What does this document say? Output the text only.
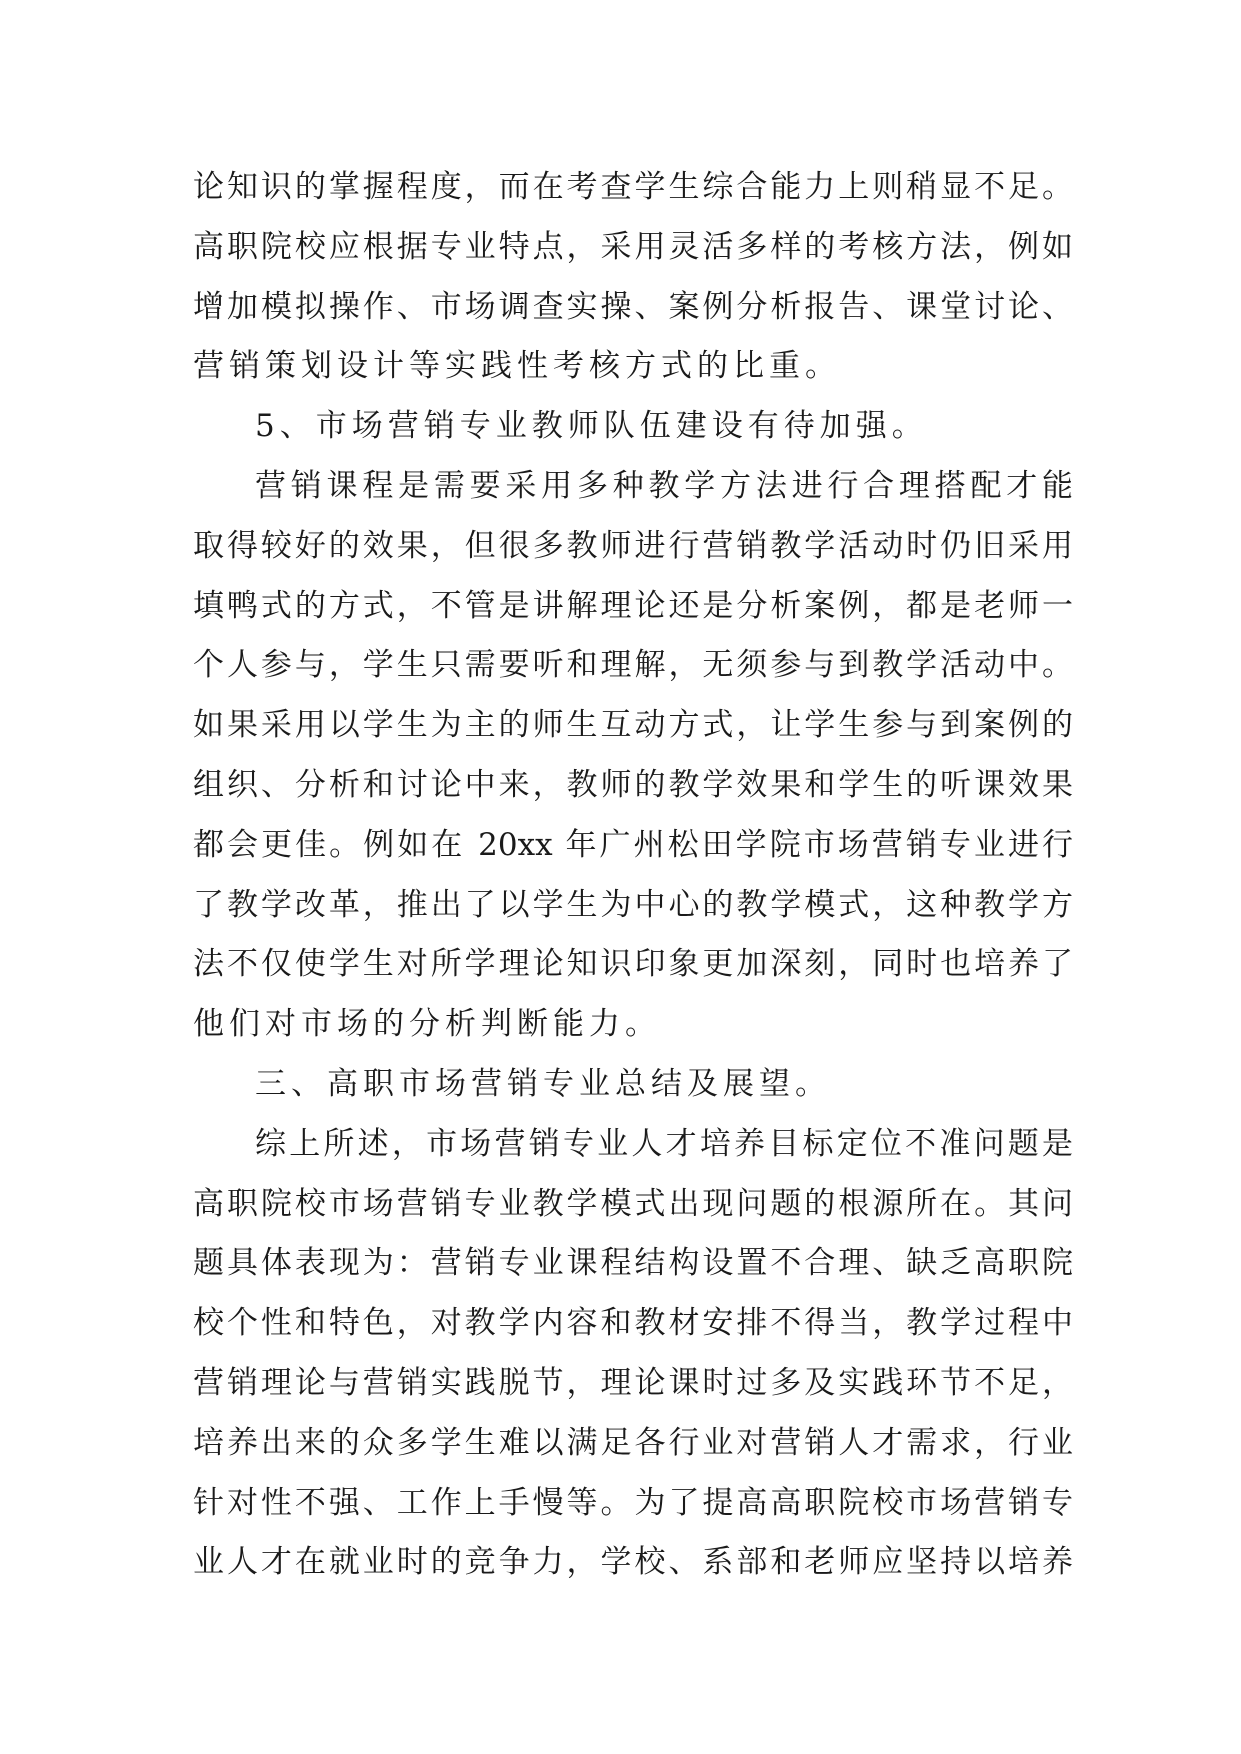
论知识的掌握程度，而在考查学生综合能力上则稍显不足。
高职院校应根据专业特点，采用灵活多样的考核方法，例如
增加模拟操作、市场调查实操、案例分析报告、课堂讨论、
营销策划设计等实践性考核方式的比重。
5、市场营销专业教师队伍建设有待加强。
营销课程是需要采用多种教学方法进行合理搭配才能
取得较好的效果，但很多教师进行营销教学活动时仍旧采用
填鸭式的方式，不管是讲解理论还是分析案例，都是老师一
个人参与，学生只需要听和理解，无须参与到教学活动中。
如果采用以学生为主的师生互动方式，让学生参与到案例的
组织、分析和讨论中来，教师的教学效果和学生的听课效果
都会更佳。例如在 20xx 年广州松田学院市场营销专业进行
了教学改革，推出了以学生为中心的教学模式，这种教学方
法不仅使学生对所学理论知识印象更加深刻，同时也培养了
他们对市场的分析判断能力。
三、高职市场营销专业总结及展望。
综上所述，市场营销专业人才培养目标定位不准问题是
高职院校市场营销专业教学模式出现问题的根源所在。其问
题具体表现为：营销专业课程结构设置不合理、缺乏高职院
校个性和特色，对教学内容和教材安排不得当，教学过程中
营销理论与营销实践脱节，理论课时过多及实践环节不足，
培养出来的众多学生难以满足各行业对营销人才需求，行业
针对性不强、工作上手慢等。为了提高高职院校市场营销专
业人才在就业时的竞争力，学校、系部和老师应坚持以培养
